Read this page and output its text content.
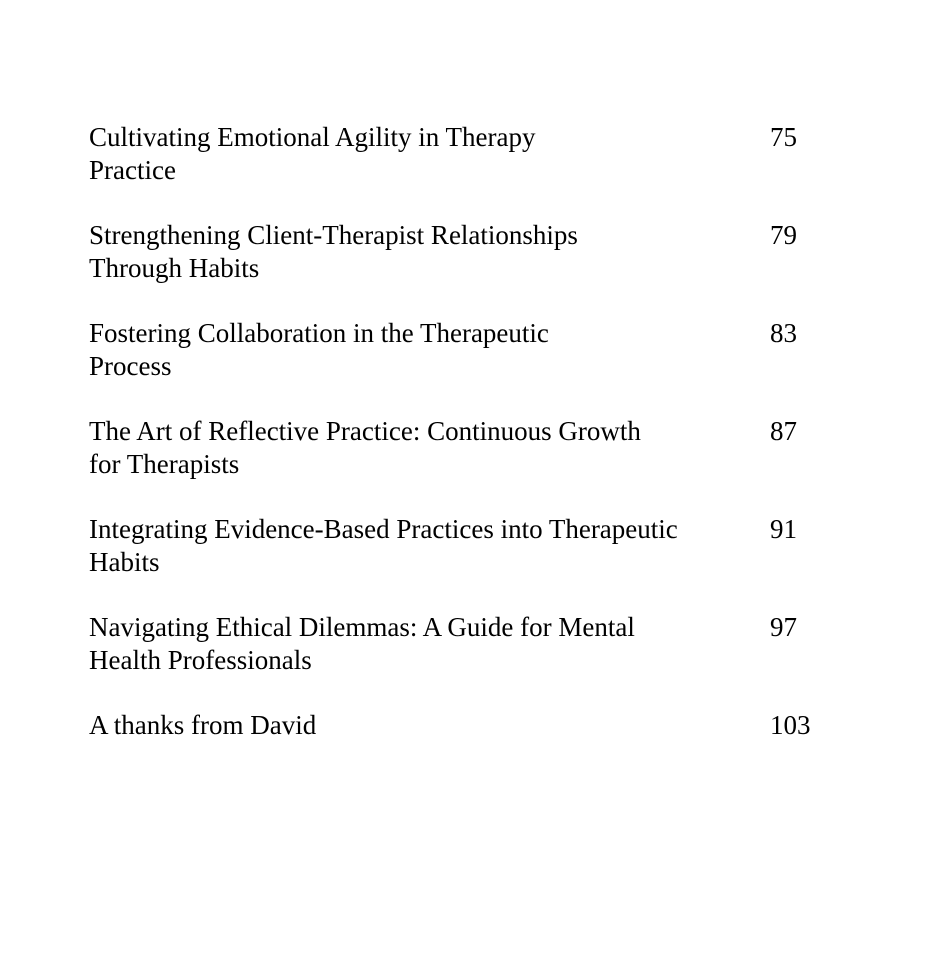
Cultivating Emotional Agility in Therapy
Practice
75
Strengthening Client-Therapist Relationships
Through Habits
79
Fostering Collaboration in the Therapeutic
Process
83
The Art of Reflective Practice: Continuous Growth
for Therapists
87
Integrating Evidence-Based Practices into Therapeutic
Habits
91
Navigating Ethical Dilemmas: A Guide for Mental
Health Professionals
97
A thanks from David	103
